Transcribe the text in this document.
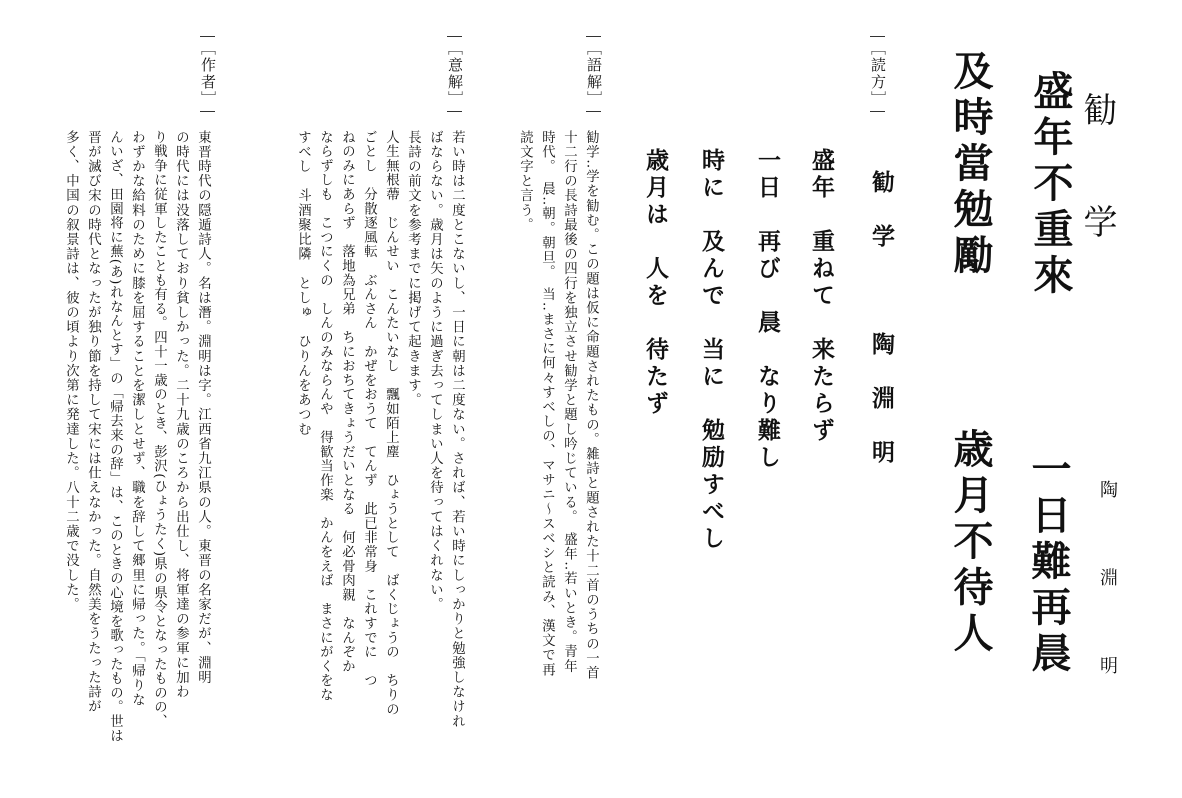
勧　学
陶　淵　明
盛年不重來
一日難再晨
及時當勉勵
歳月不待人
［読方］
勧　学　　　陶　淵　明
盛年　重ねて　来たらず
一日　再び　晨　なり難し
時に　及んで　当に　勉励すべし
歳月は　人を　待たず
［語解］
勧学‥学を勧む。この題は仮に命題されたもの。雑詩と題された十二首のうちの一首
十二行の長詩最後の四行を独立させ勧学と題し吟じている。　盛年‥若いとき。青年
時代。　晨‥朝。朝旦。　当‥まさに何々すべしの、マサニ〜スベシと読み、漢文で再
読文字と言う。
［意解］
若い時は二度とこないし、一日に朝は二度ない。されば、若い時にしっかりと勉強しなけれ
ばならない。歳月は矢のように過ぎ去ってしまい人を待ってはくれない。
長詩の前文を参考までに掲げて起きます。
人生無根蔕　じんせい　こんたいなし　飄如陌上塵　ひょうとして　ばくじょうの　ちりの
ごとし　分散逐風転　ぶんさん　かぜをおうて　てんず　此已非常身　これすでに　つ
ねのみにあらず　落地為兄弟　ちにおちてきょうだいとなる　何必骨肉親　なんぞか
ならずしも　こつにくの　しんのみならんや　得歓当作楽　かんをえば　まさにがくをな
すべし　斗酒聚比隣　としゅ　ひりんをあつむ
［作者］
東晋時代の隠遁詩人。名は潛。淵明は字。江西省九江県の人。東晋の名家だが、淵明
の時代には没落しており貧しかった。二十九歳のころから出仕し、将軍達の参軍に加わ
り戦争に従軍したことも有る。四十一歳のとき、彭沢(ひょうたく)県の県令となったものの、
わずかな給料のために膝を屈することを潔しとせず、職を辞して郷里に帰った。「帰りな
んいざ、田園将に蕪(あ)れなんとす」の「帰去来の辞」は、このときの心境を歌ったもの。世は
晋が滅び宋の時代となったが独り節を持して宋には仕えなかった。自然美をうたった詩が
多く、中国の叙景詩は、彼の頃より次第に発達した。八十二歳で没した。
